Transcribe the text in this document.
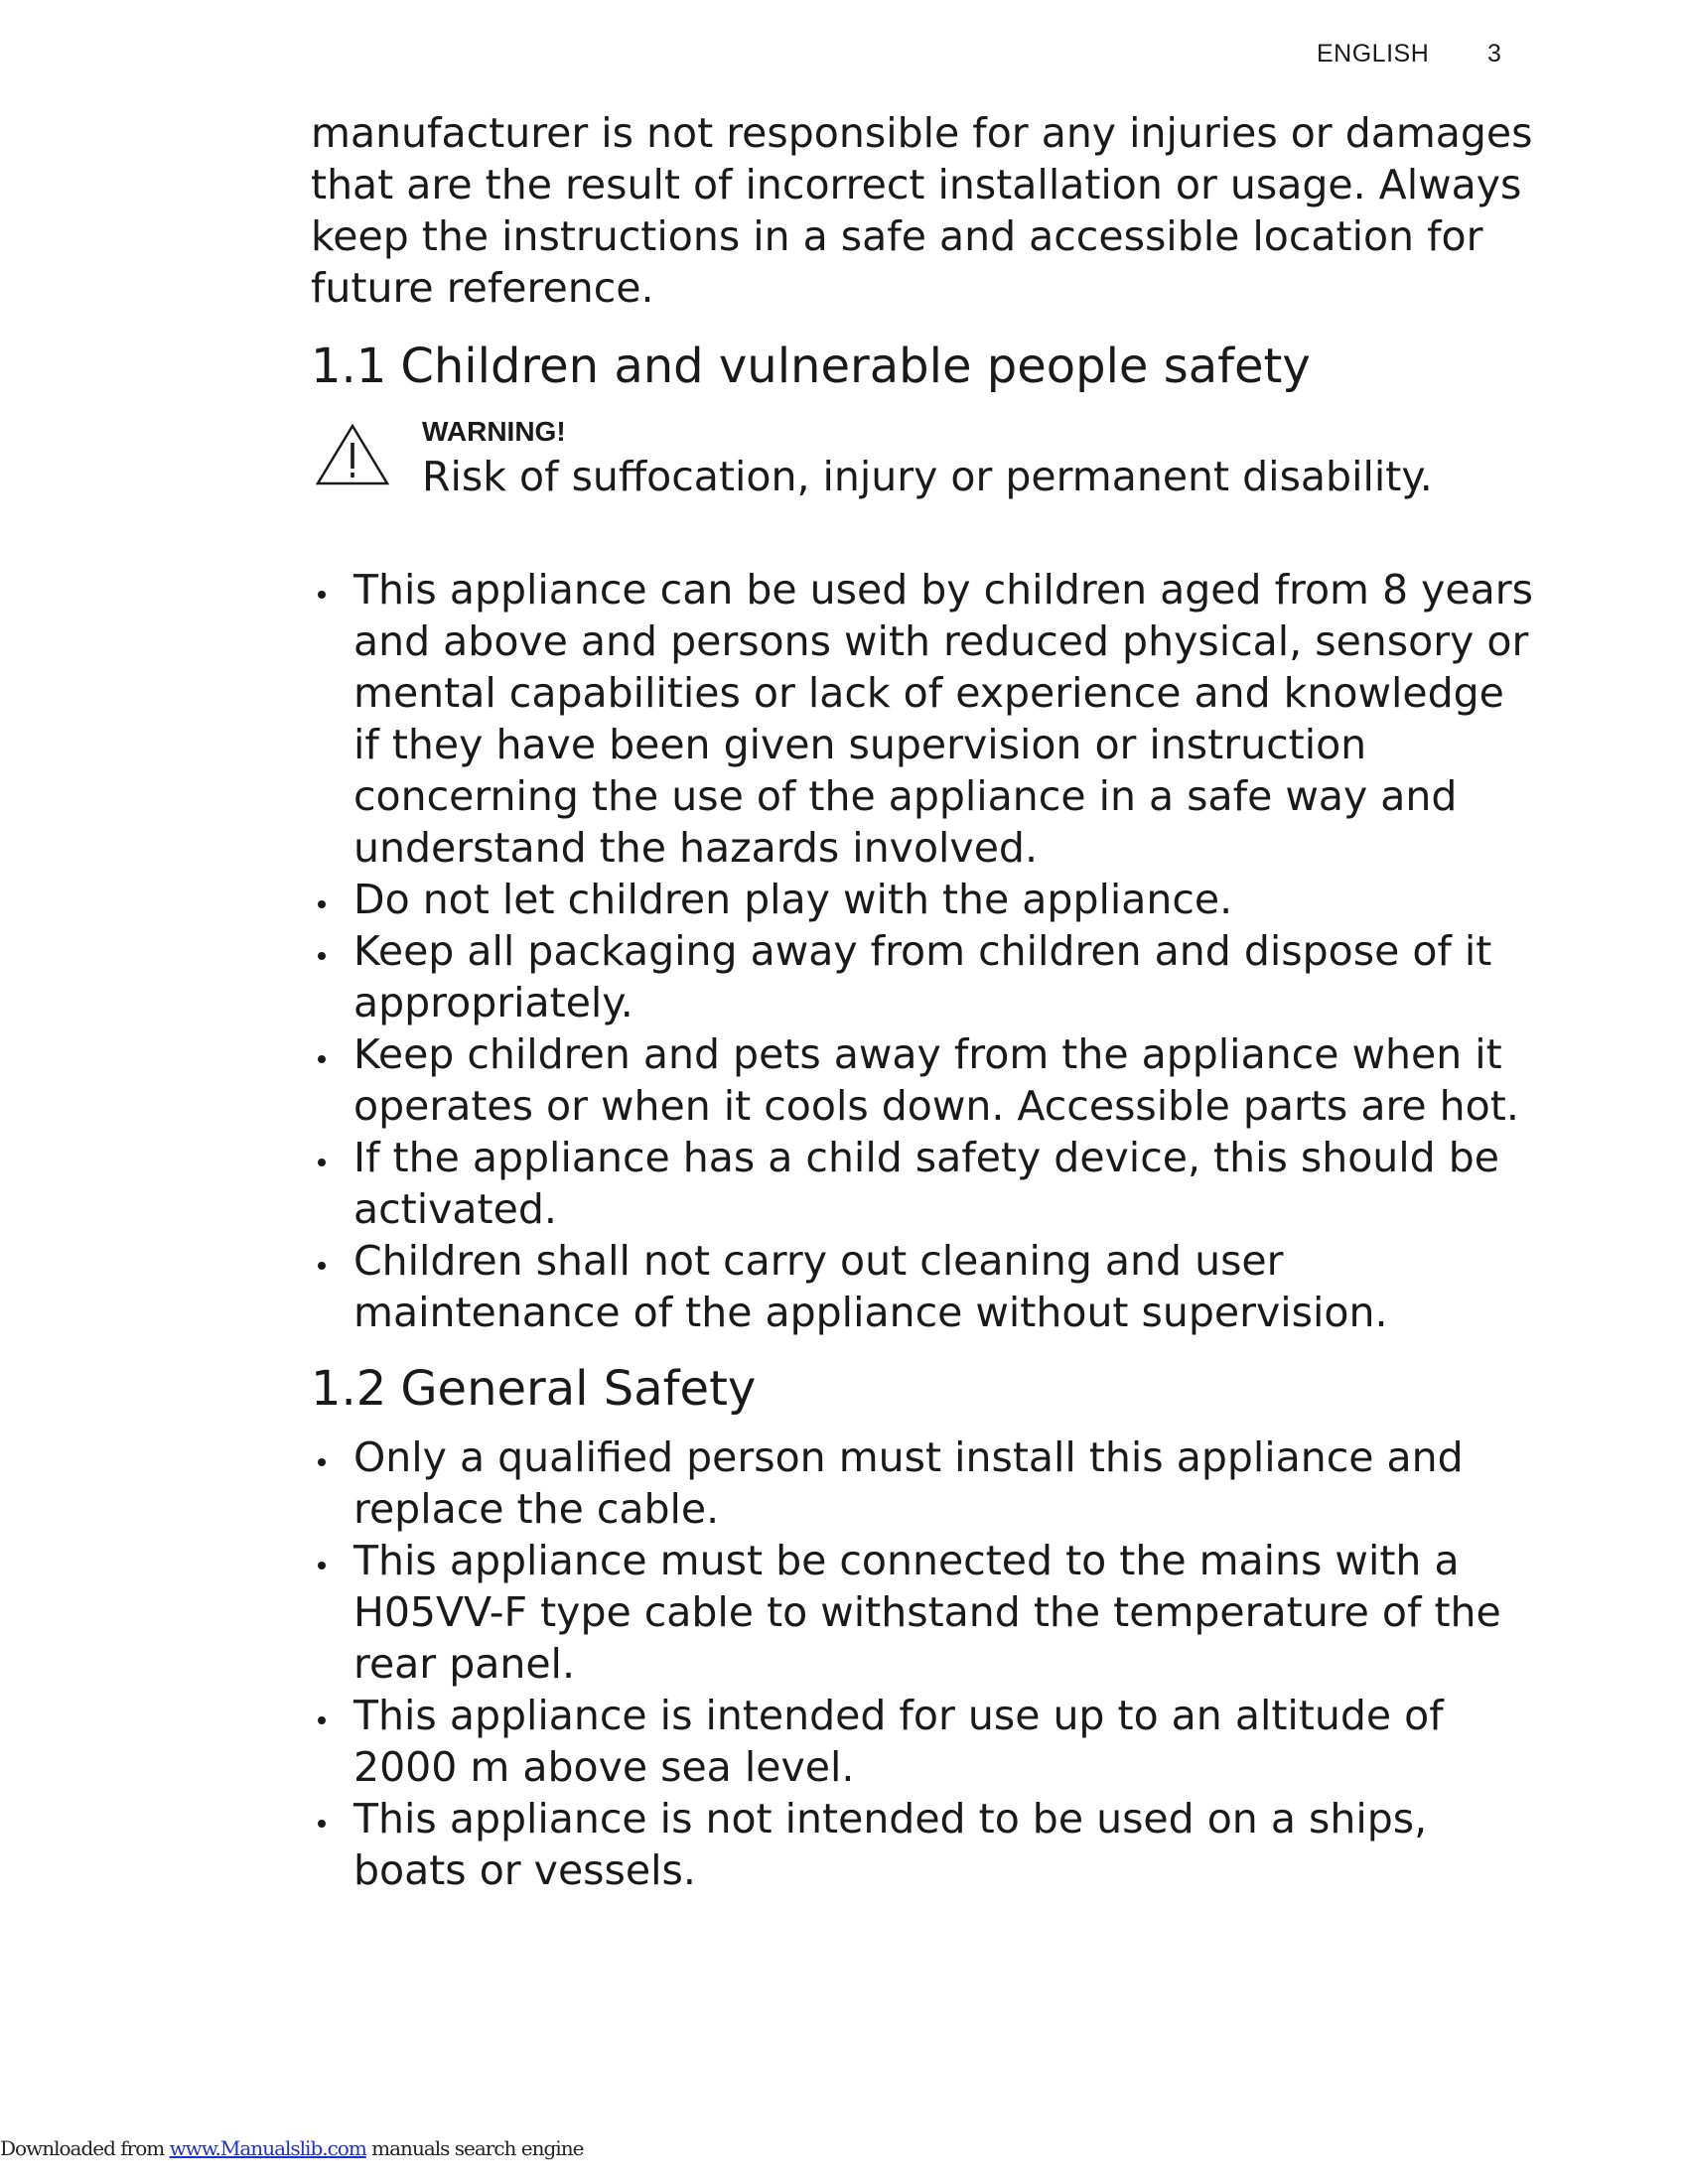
ENGLISH 3

manufacturer is not responsible for any injuries or damages that are the result of incorrect installation or usage. Always keep the instructions in a safe and accessible location for future reference.

1.1 Children and vulnerable people safety
WARNING!
Risk of suffocation, injury or permanent disability.
This appliance can be used by children aged from 8 years and above and persons with reduced physical, sensory or mental capabilities or lack of experience and knowledge if they have been given supervision or instruction concerning the use of the appliance in a safe way and understand the hazards involved.
Do not let children play with the appliance.
Keep all packaging away from children and dispose of it appropriately.
Keep children and pets away from the appliance when it operates or when it cools down. Accessible parts are hot.
If the appliance has a child safety device, this should be activated.
Children shall not carry out cleaning and user maintenance of the appliance without supervision.
1.2 General Safety
Only a qualified person must install this appliance and replace the cable.
This appliance must be connected to the mains with a H05VV-F type cable to withstand the temperature of the rear panel.
This appliance is intended for use up to an altitude of 2000 m above sea level.
This appliance is not intended to be used on a ships, boats or vessels.
Downloaded from www.Manualslib.com manuals search engine
